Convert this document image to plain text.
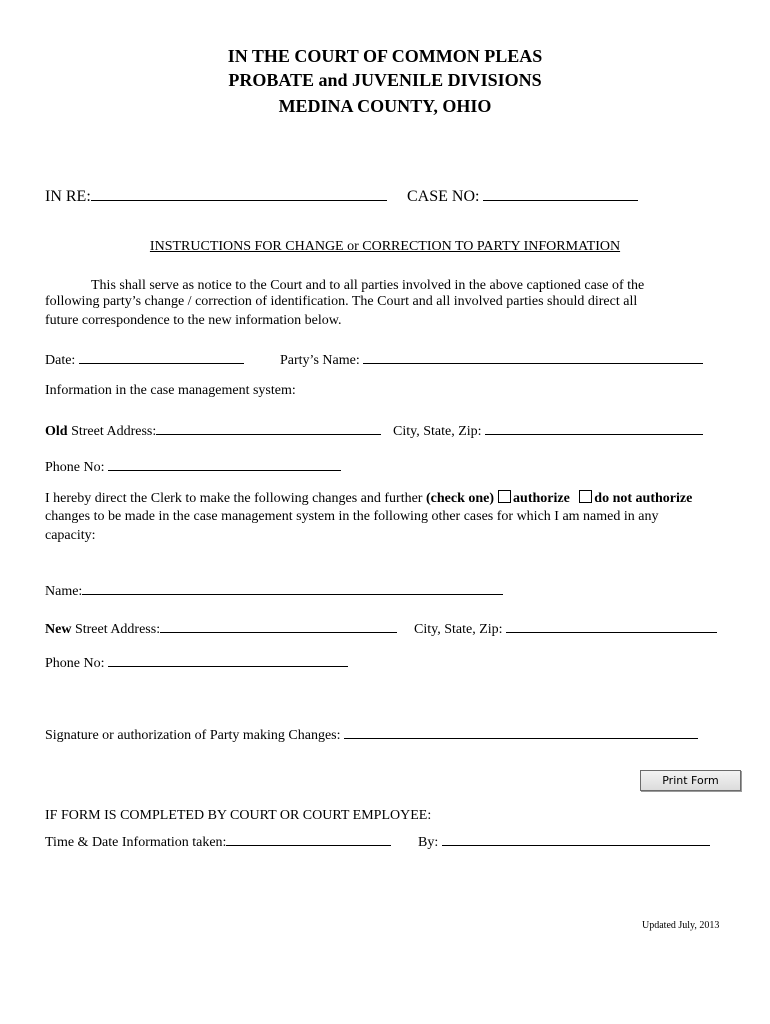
IN THE COURT OF COMMON PLEAS
PROBATE and JUVENILE DIVISIONS
MEDINA COUNTY, OHIO
IN RE:	CASE NO:
INSTRUCTIONS FOR CHANGE or CORRECTION TO PARTY INFORMATION
This shall serve as notice to the Court and to all parties involved in the above captioned case of the
following party’s change / correction of identification. The Court and all involved parties should direct all
future correspondence to the new information below.
Date:	Party’s Name:
Information in the case management system:
Old Street Address:	City, State, Zip:
Phone No:
I hereby direct the Clerk to make the following changes and further (check one) authorize do not authorize
changes to be made in the case management system in the following other cases for which I am named in any
capacity:
Name:
New Street Address:	City, State, Zip:
Phone No:
Signature or authorization of Party making Changes:
Print Form
IF FORM IS COMPLETED BY COURT OR COURT EMPLOYEE:
Time & Date Information taken:	By:
Updated July, 2013
